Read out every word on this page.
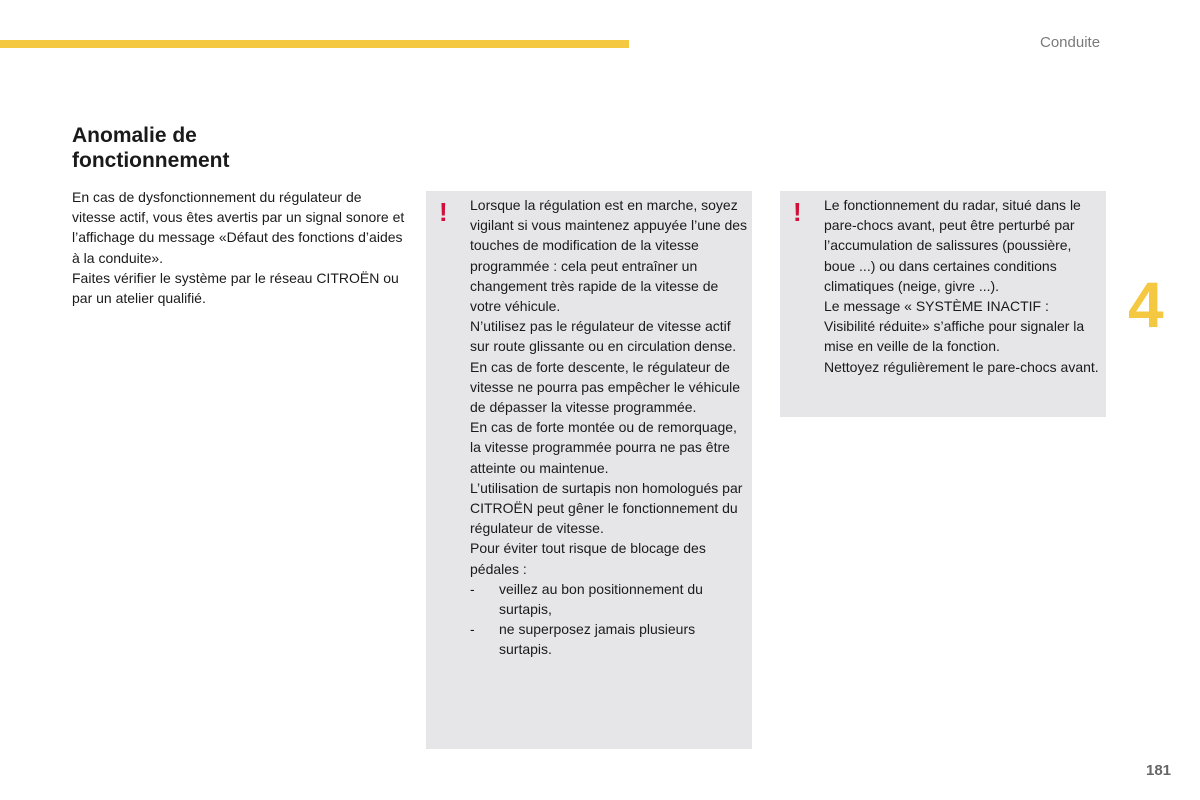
Conduite
Anomalie de
fonctionnement

En cas de dysfonctionnement du régulateur de vitesse actif, vous êtes avertis par un signal sonore et l’affichage du message «Défaut des fonctions d’aides à la conduite».

Faites vérifier le système par le réseau CITROËN ou par un atelier qualifié.

! Lorsque la régulation est en marche, soyez vigilant si vous maintenez appuyée l’une des touches de modification de la vitesse programmée : cela peut entraîner un changement très rapide de la vitesse de votre véhicule.

N’utilisez pas le régulateur de vitesse actif sur route glissante ou en circulation dense.

En cas de forte descente, le régulateur de vitesse ne pourra pas empêcher le véhicule de dépasser la vitesse programmée.

En cas de forte montée ou de remorquage, la vitesse programmée pourra ne pas être atteinte ou maintenue.

L’utilisation de surtapis non homologués par CITROËN peut gêner le fonctionnement du régulateur de vitesse.

Pour éviter tout risque de blocage des pédales :

- veillez au bon positionnement du surtapis,
- ne superposez jamais plusieurs surtapis.
! Le fonctionnement du radar, situé dans le pare-chocs avant, peut être perturbé par l’accumulation de salissures (poussière, boue ...) ou dans certaines conditions climatiques (neige, givre ...).

Le message « SYSTÈME INACTIF : Visibilité réduite» s’affiche pour signaler la mise en veille de la fonction.

Nettoyez régulièrement le pare-chocs avant.

4
181
